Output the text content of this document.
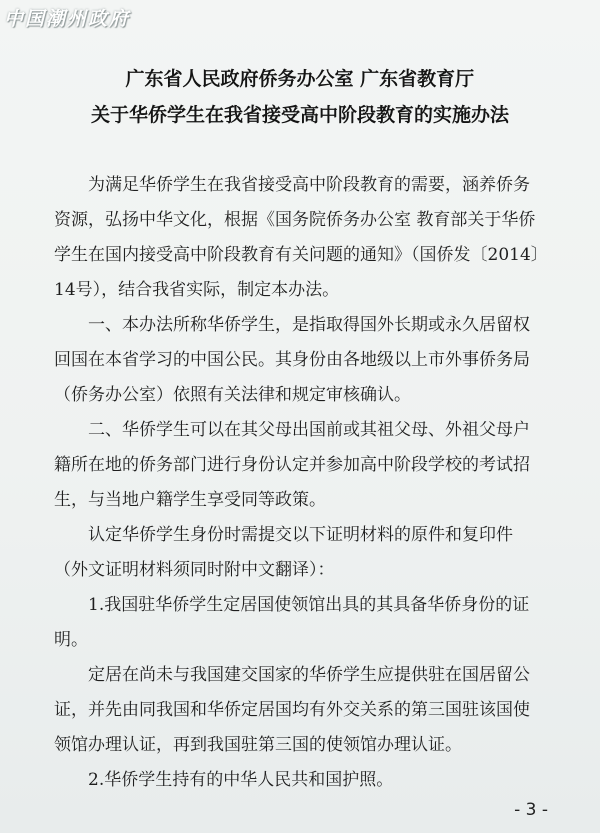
中国潮州政府
广东省人民政府侨务办公室 广东省教育厅
关于华侨学生在我省接受高中阶段教育的实施办法
　　为满足华侨学生在我省接受高中阶段教育的需要，涵养侨务
资源，弘扬中华文化，根据《国务院侨务办公室 教育部关于华侨
学生在国内接受高中阶段教育有关问题的通知》（国侨发〔2014〕
14号），结合我省实际，制定本办法。
　　一、本办法所称华侨学生，是指取得国外长期或永久居留权
回国在本省学习的中国公民。其身份由各地级以上市外事侨务局
（侨务办公室）依照有关法律和规定审核确认。
　　二、华侨学生可以在其父母出国前或其祖父母、外祖父母户
籍所在地的侨务部门进行身份认定并参加高中阶段学校的考试招
生，与当地户籍学生享受同等政策。
　　认定华侨学生身份时需提交以下证明材料的原件和复印件
（外文证明材料须同时附中文翻译）：
　　1.我国驻华侨学生定居国使领馆出具的其具备华侨身份的证
明。
　　定居在尚未与我国建交国家的华侨学生应提供驻在国居留公
证，并先由同我国和华侨定居国均有外交关系的第三国驻该国使
领馆办理认证，再到我国驻第三国的使领馆办理认证。
　　2.华侨学生持有的中华人民共和国护照。
- 3 -
